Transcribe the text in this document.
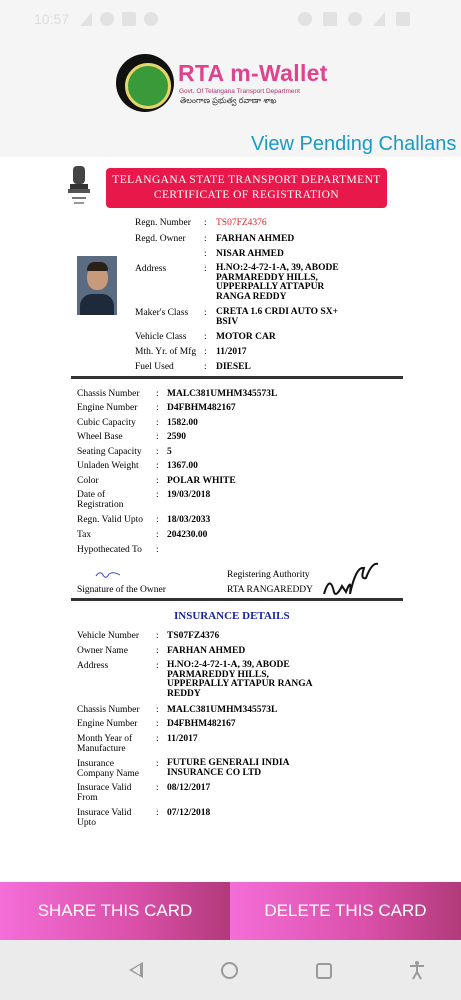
10:57
RTA m-Wallet
Govt. Of Telangana Transport Department
తెలంగాణ ప్రభుత్వ రవాణా శాఖ
View Pending Challans
TELANGANA STATE TRANSPORT DEPARTMENT
CERTIFICATE OF REGISTRATION
Regn. Number : TS07FZ4376
Regd. Owner : FARHAN AHMED
: NISAR AHMED
Address	: H.NO:2-4-72-1-A, 39, ABODE
PARMAREDDY HILLS,
UPPERPALLY ATTAPUR
RANGA REDDY
Maker's Class : CRETA 1.6 CRDI AUTO SX+
BSIV
Vehicle Class : MOTOR CAR
Mth. Yr. of Mfg : 11/2017
Fuel Used	: DIESEL
Chassis Number : MALC381UMHM345573L
Engine Number : D4FBHM482167
Cubic Capacity : 1582.00
Wheel Base	: 2590
Seating Capacity : 5
Unladen Weight : 1367.00
Color	: POLAR WHITE
Date of
Registration
: 19/03/2018
Regn. Valid Upto : 18/03/2033
Tax	: 204230.00
Hypothecated To :
Signature of the Owner
Registering Authority
RTA RANGAREDDY
INSURANCE DETAILS
Vehicle Number : TS07FZ4376
Owner Name	: FARHAN AHMED
Address	: H.NO:2-4-72-1-A, 39, ABODE
PARMAREDDY HILLS,
UPPERPALLY ATTAPUR RANGA
REDDY
Chassis Number : MALC381UMHM345573L
Engine Number : D4FBHM482167
Month Year of
Manufacture
: 11/2017
Insurance
Company Name
: FUTURE GENERALI INDIA
INSURANCE CO LTD
Insurace Valid
From
: 08/12/2017
Insurace Valid
Upto
: 07/12/2018
SHARE THIS CARD	DELETE THIS CARD
